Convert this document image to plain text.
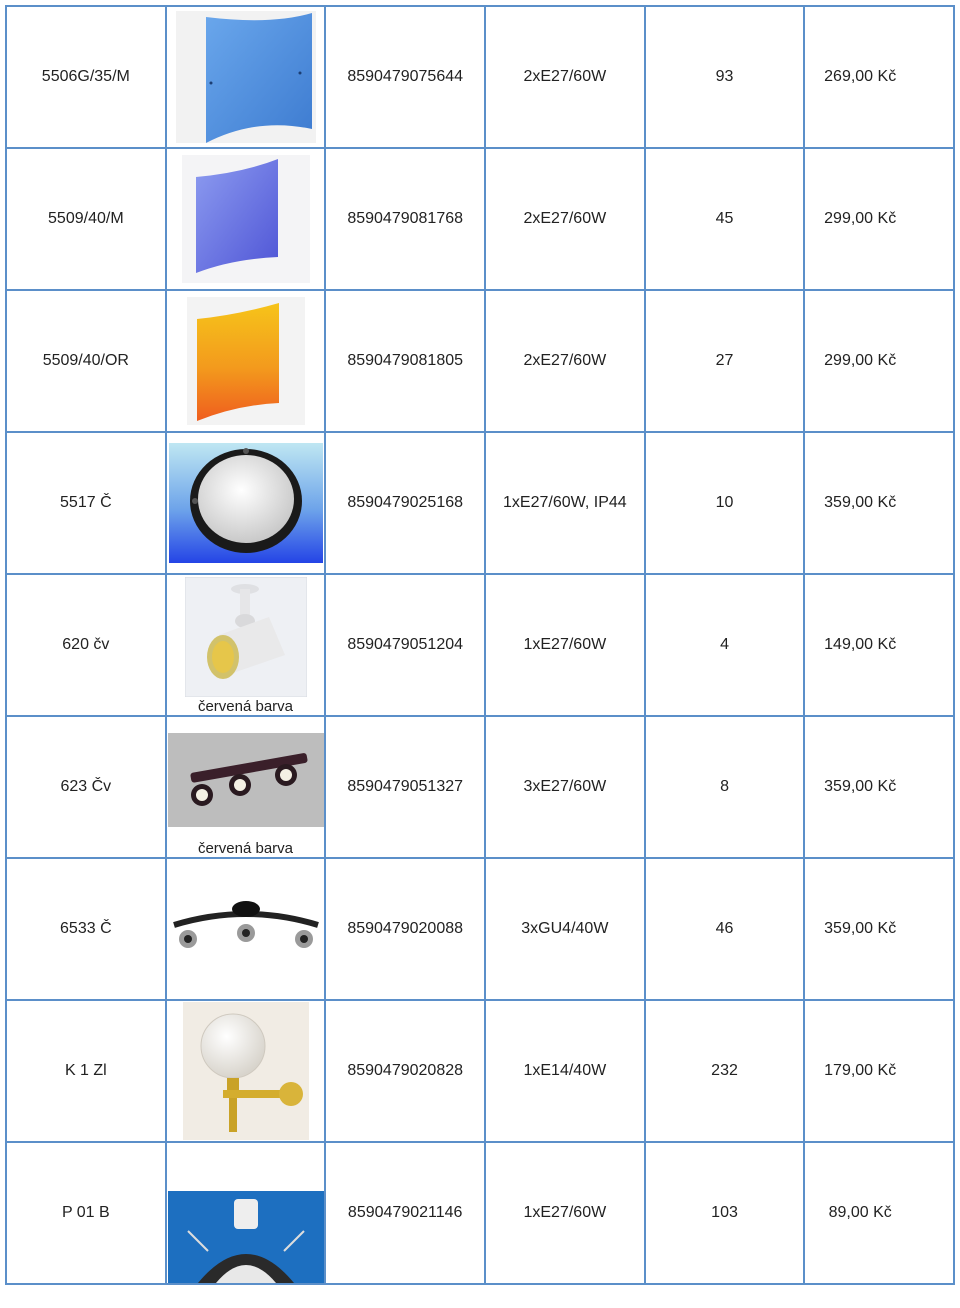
5506G/35/M		8590479075644	2xE27/60W	93	269,00 Kč
5509/40/M		8590479081768	2xE27/60W	45	299,00 Kč
5509/40/OR		8590479081805	2xE27/60W	27	299,00 Kč
5517 Č		8590479025168	1xE27/60W, IP44	10	359,00 Kč
620 čv	červená barva	8590479051204	1xE27/60W	4	149,00 Kč
623 Čv	červená barva	8590479051327	3xE27/60W	8	359,00 Kč
6533 Č		8590479020088	3xGU4/40W	46	359,00 Kč
K 1 Zl		8590479020828	1xE14/40W	232	179,00 Kč
P 01 B		8590479021146	1xE27/60W	103	89,00 Kč
